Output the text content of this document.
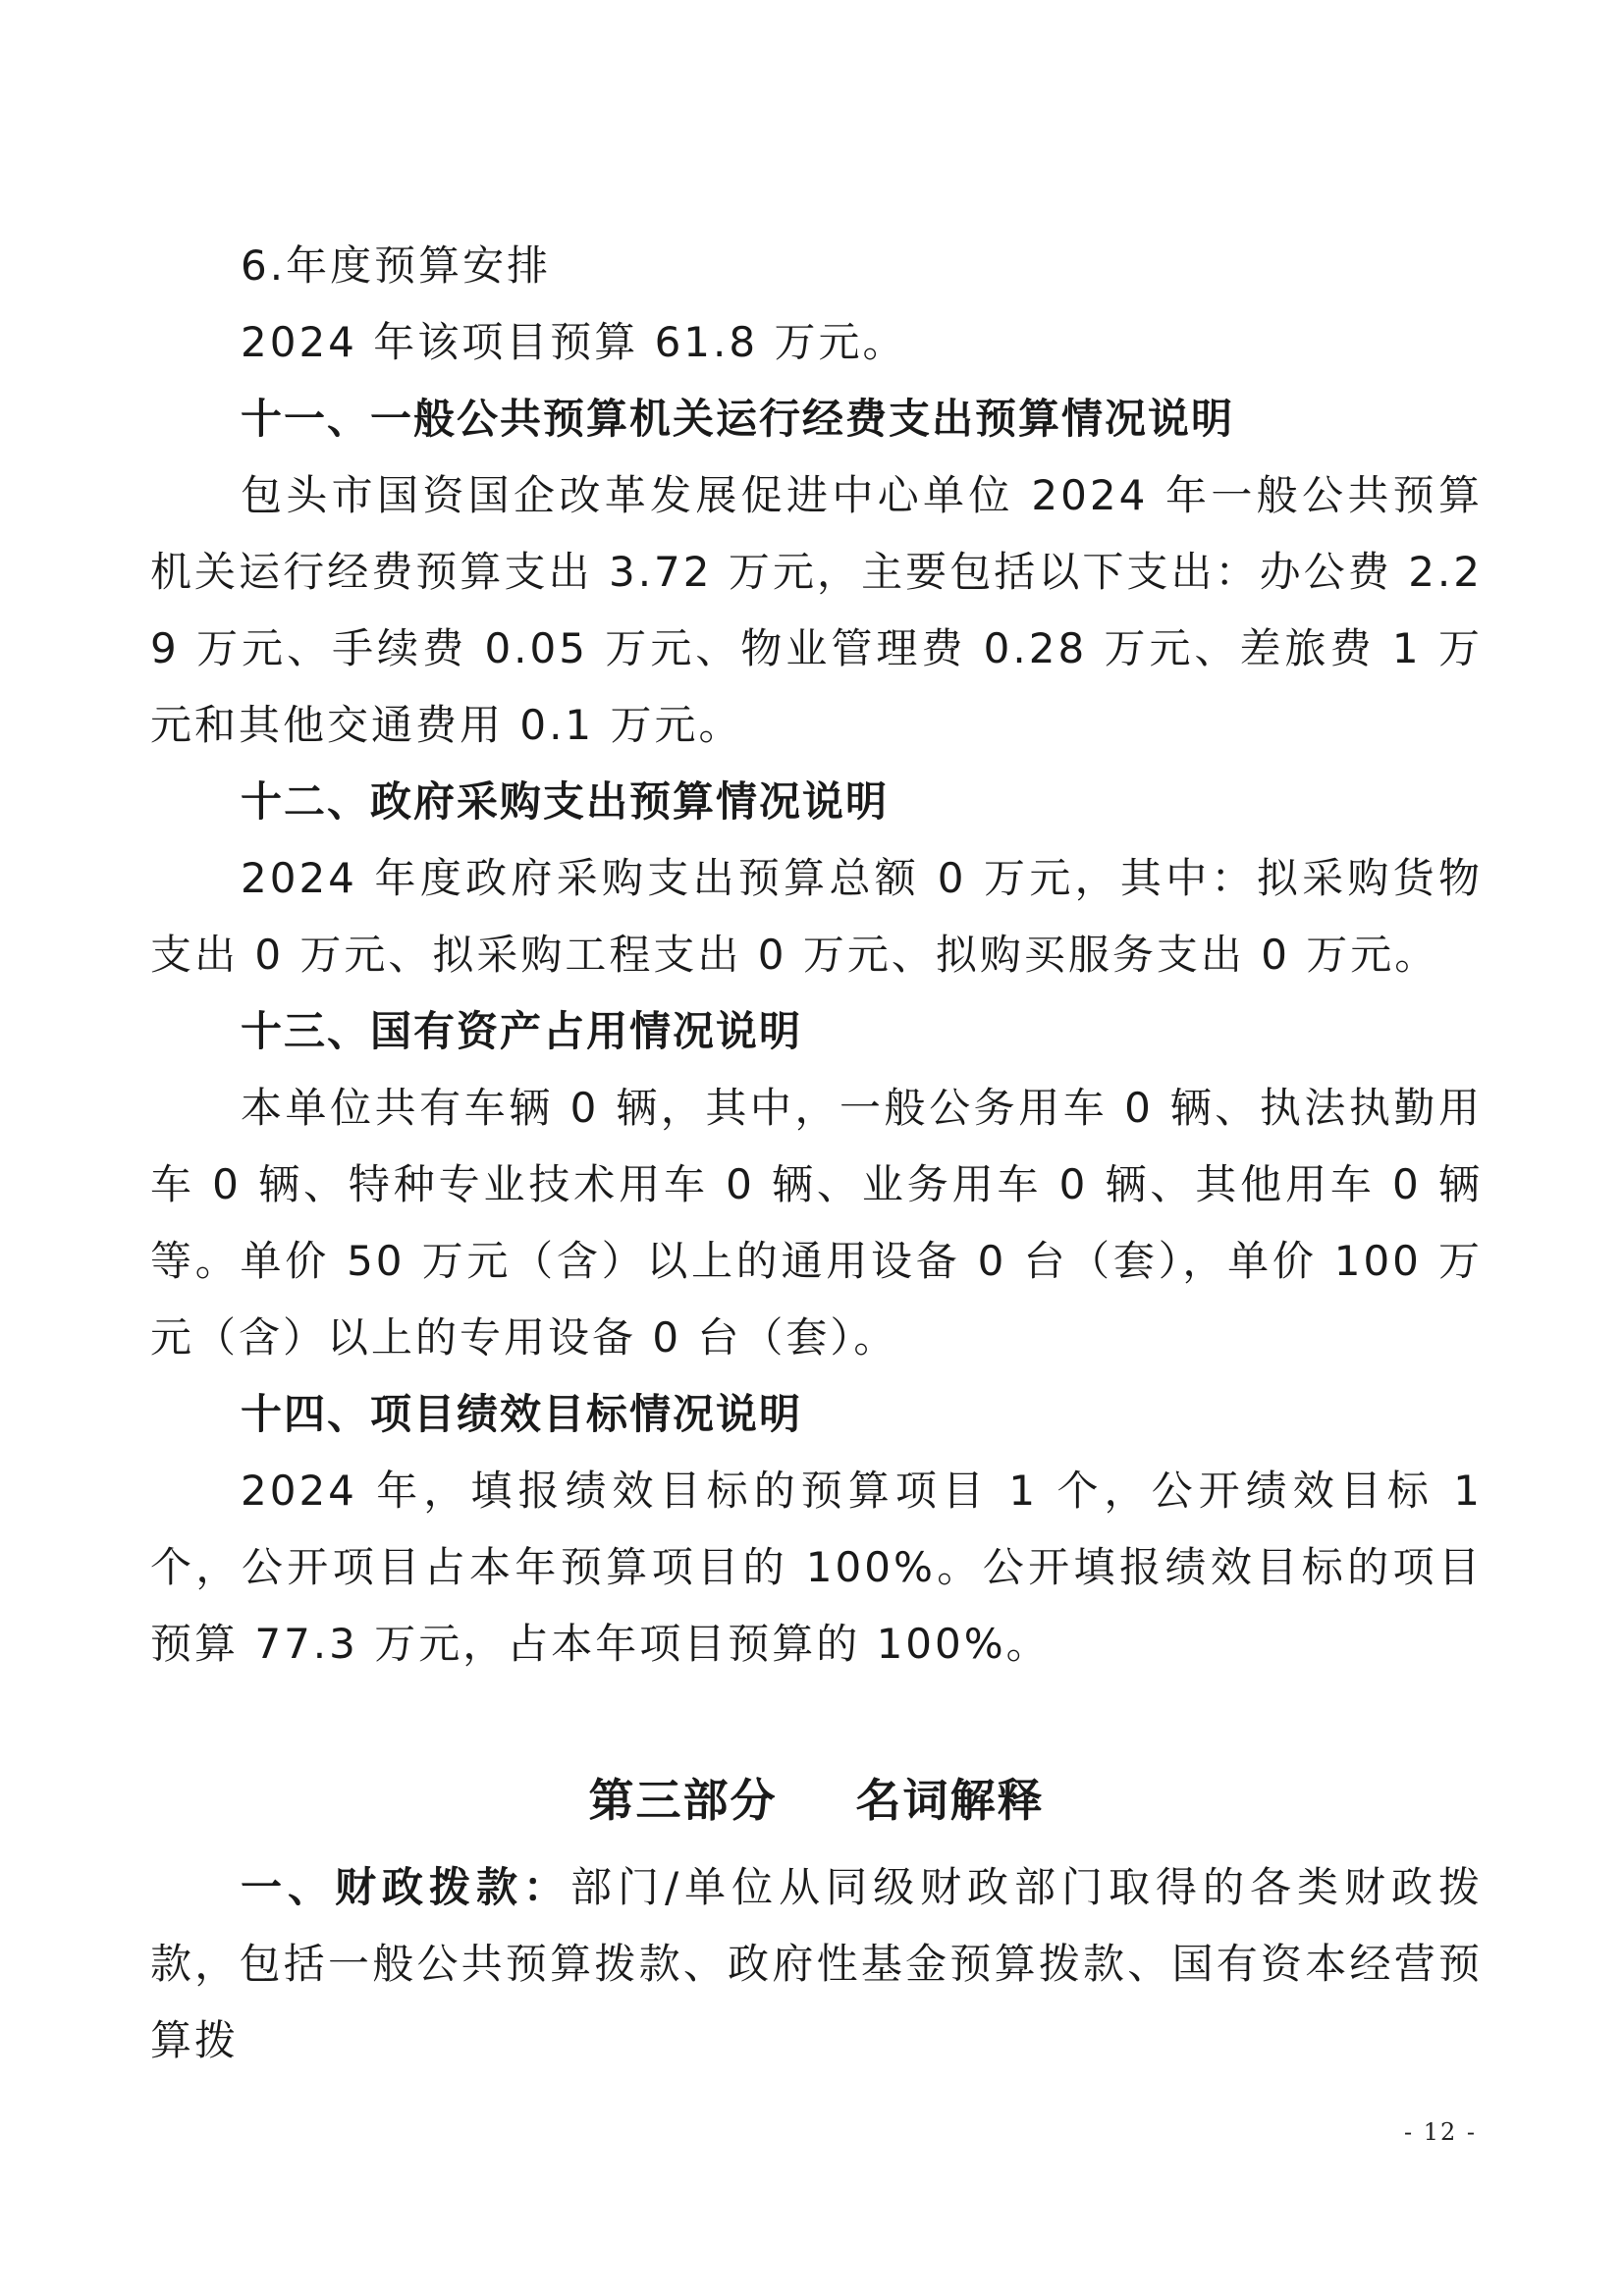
6.年度预算安排

2024 年该项目预算 61.8 万元。

十一、一般公共预算机关运行经费支出预算情况说明

包头市国资国企改革发展促进中心单位 2024 年一般公共预算机关运行经费预算支出 3.72 万元，主要包括以下支出：办公费 2.29 万元、手续费 0.05 万元、物业管理费 0.28 万元、差旅费 1 万元和其他交通费用 0.1 万元。

十二、政府采购支出预算情况说明

2024 年度政府采购支出预算总额 0 万元，其中：拟采购货物支出 0 万元、拟采购工程支出 0 万元、拟购买服务支出 0 万元。

十三、国有资产占用情况说明

本单位共有车辆 0 辆，其中，一般公务用车 0 辆、执法执勤用车 0 辆、特种专业技术用车 0 辆、业务用车 0 辆、其他用车 0 辆等。单价 50 万元（含）以上的通用设备 0 台（套），单价 100 万元（含）以上的专用设备 0 台（套）。

十四、项目绩效目标情况说明

2024 年，填报绩效目标的预算项目 1 个，公开绩效目标 1 个，公开项目占本年预算项目的 100%。公开填报绩效目标的项目预算 77.3 万元，占本年项目预算的 100%。

第三部分 名词解释

一、财政拨款：部门/单位从同级财政部门取得的各类财政拨款，包括一般公共预算拨款、政府性基金预算拨款、国有资本经营预算拨

- 12 -
